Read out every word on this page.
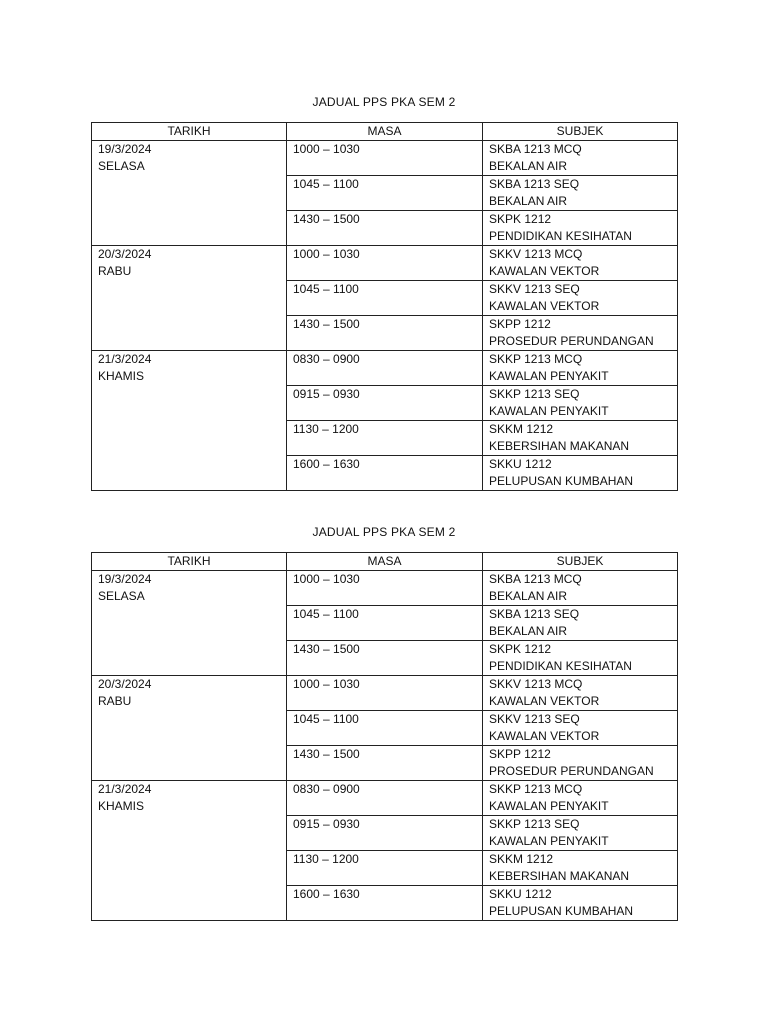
JADUAL PPS PKA SEM 2
TARIKH	MASA	SUBJEK

19/3/2024
SELASA	1000 – 1030	SKBA 1213 MCQ
BEKALAN AIR

	1045 – 1100	SKBA 1213 SEQ
BEKALAN AIR

	1430 – 1500	SKPK 1212
PENDIDIKAN KESIHATAN

20/3/2024
RABU	1000 – 1030	SKKV 1213 MCQ
KAWALAN VEKTOR

	1045 – 1100	SKKV 1213 SEQ
KAWALAN VEKTOR

	1430 – 1500	SKPP 1212
PROSEDUR PERUNDANGAN

21/3/2024
KHAMIS	0830 – 0900	SKKP 1213 MCQ
KAWALAN PENYAKIT

	0915 – 0930	SKKP 1213 SEQ
KAWALAN PENYAKIT

	1130 – 1200	SKKM 1212
KEBERSIHAN MAKANAN

	1600 – 1630	SKKU 1212
PELUPUSAN KUMBAHAN
JADUAL PPS PKA SEM 2
TARIKH	MASA	SUBJEK

19/3/2024
SELASA	1000 – 1030	SKBA 1213 MCQ
BEKALAN AIR

	1045 – 1100	SKBA 1213 SEQ
BEKALAN AIR

	1430 – 1500	SKPK 1212
PENDIDIKAN KESIHATAN

20/3/2024
RABU	1000 – 1030	SKKV 1213 MCQ
KAWALAN VEKTOR

	1045 – 1100	SKKV 1213 SEQ
KAWALAN VEKTOR

	1430 – 1500	SKPP 1212
PROSEDUR PERUNDANGAN

21/3/2024
KHAMIS	0830 – 0900	SKKP 1213 MCQ
KAWALAN PENYAKIT

	0915 – 0930	SKKP 1213 SEQ
KAWALAN PENYAKIT

	1130 – 1200	SKKM 1212
KEBERSIHAN MAKANAN

	1600 – 1630	SKKU 1212
PELUPUSAN KUMBAHAN
